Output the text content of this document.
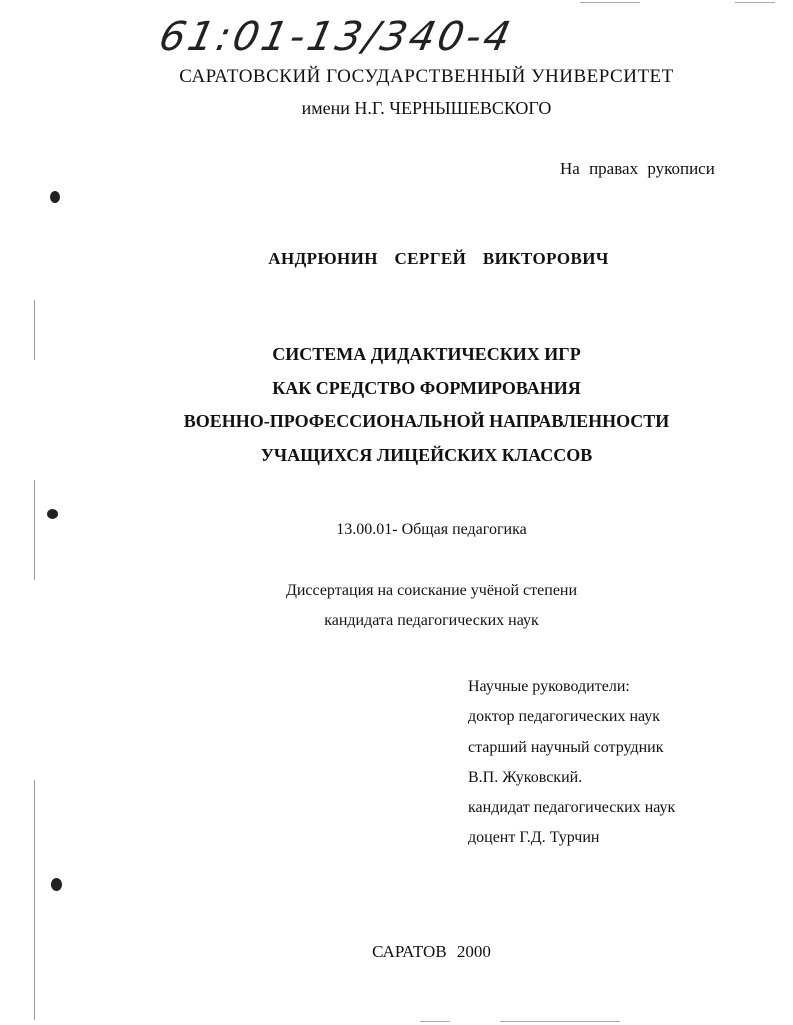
61:01-13/340-4
САРАТОВСКИЙ ГОСУДАРСТВЕННЫЙ УНИВЕРСИТЕТ
имени Н.Г. ЧЕРНЫШЕВСКОГО
На правах рукописи
АНДРЮНИН СЕРГЕЙ ВИКТОРОВИЧ
СИСТЕМА ДИДАКТИЧЕСКИХ ИГР
КАК СРЕДСТВО ФОРМИРОВАНИЯ
ВОЕННО-ПРОФЕССИОНАЛЬНОЙ НАПРАВЛЕННОСТИ
УЧАЩИХСЯ ЛИЦЕЙСКИХ КЛАССОВ
13.00.01- Общая педагогика
Диссертация на соискание учёной степени
кандидата педагогических наук
Научные руководители:
доктор педагогических наук
старший научный сотрудник
В.П. Жуковский.
кандидат педагогических наук
доцент Г.Д. Турчин
САРАТОВ 2000
